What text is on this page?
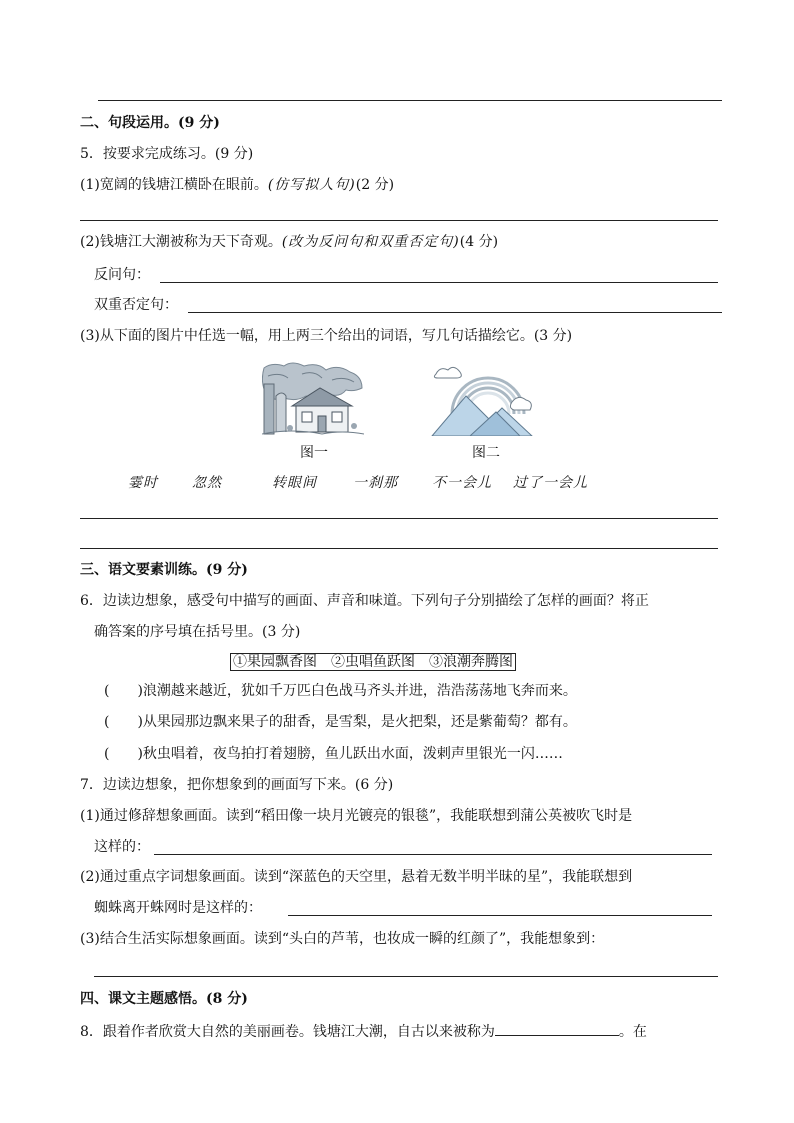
二、句段运用。(9 分)
5．按要求完成练习。(9 分)
(1)宽阔的钱塘江横卧在眼前。(仿写拟人句)(2 分)
(2)钱塘江大潮被称为天下奇观。(改为反问句和双重否定句)(4 分)
反问句：
双重否定句：
(3)从下面的图片中任选一幅，用上两三个给出的词语，写几句话描绘它。(3 分)
图一	图二
霎时 忽然	转眼间	一刹那 不一会儿 过了一会儿
三、语文要素训练。(9 分)
6．边读边想象，感受句中描写的画面、声音和味道。下列句子分别描绘了怎样的画面？将正
确答案的序号填在括号里。(3 分)
①果园飘香图　②虫唱鱼跃图　③浪潮奔腾图
(　　)浪潮越来越近，犹如千万匹白色战马齐头并进，浩浩荡荡地飞奔而来。
(　　)从果园那边飘来果子的甜香，是雪梨，是火把梨，还是紫葡萄？都有。
(　　)秋虫唱着，夜鸟拍打着翅膀，鱼儿跃出水面，泼剌声里银光一闪……
7．边读边想象，把你想象到的画面写下来。(6 分)
(1)通过修辞想象画面。读到“稻田像一块月光镀亮的银毯”，我能联想到蒲公英被吹飞时是
这样的：
(2)通过重点字词想象画面。读到“深蓝色的天空里，悬着无数半明半昧的星”，我能联想到
蜘蛛离开蛛网时是这样的：
(3)结合生活实际想象画面。读到“头白的芦苇，也妆成一瞬的红颜了”，我能想象到：
四、课文主题感悟。(8 分)
8．跟着作者欣赏大自然的美丽画卷。钱塘江大潮，自古以来被称为	。在
